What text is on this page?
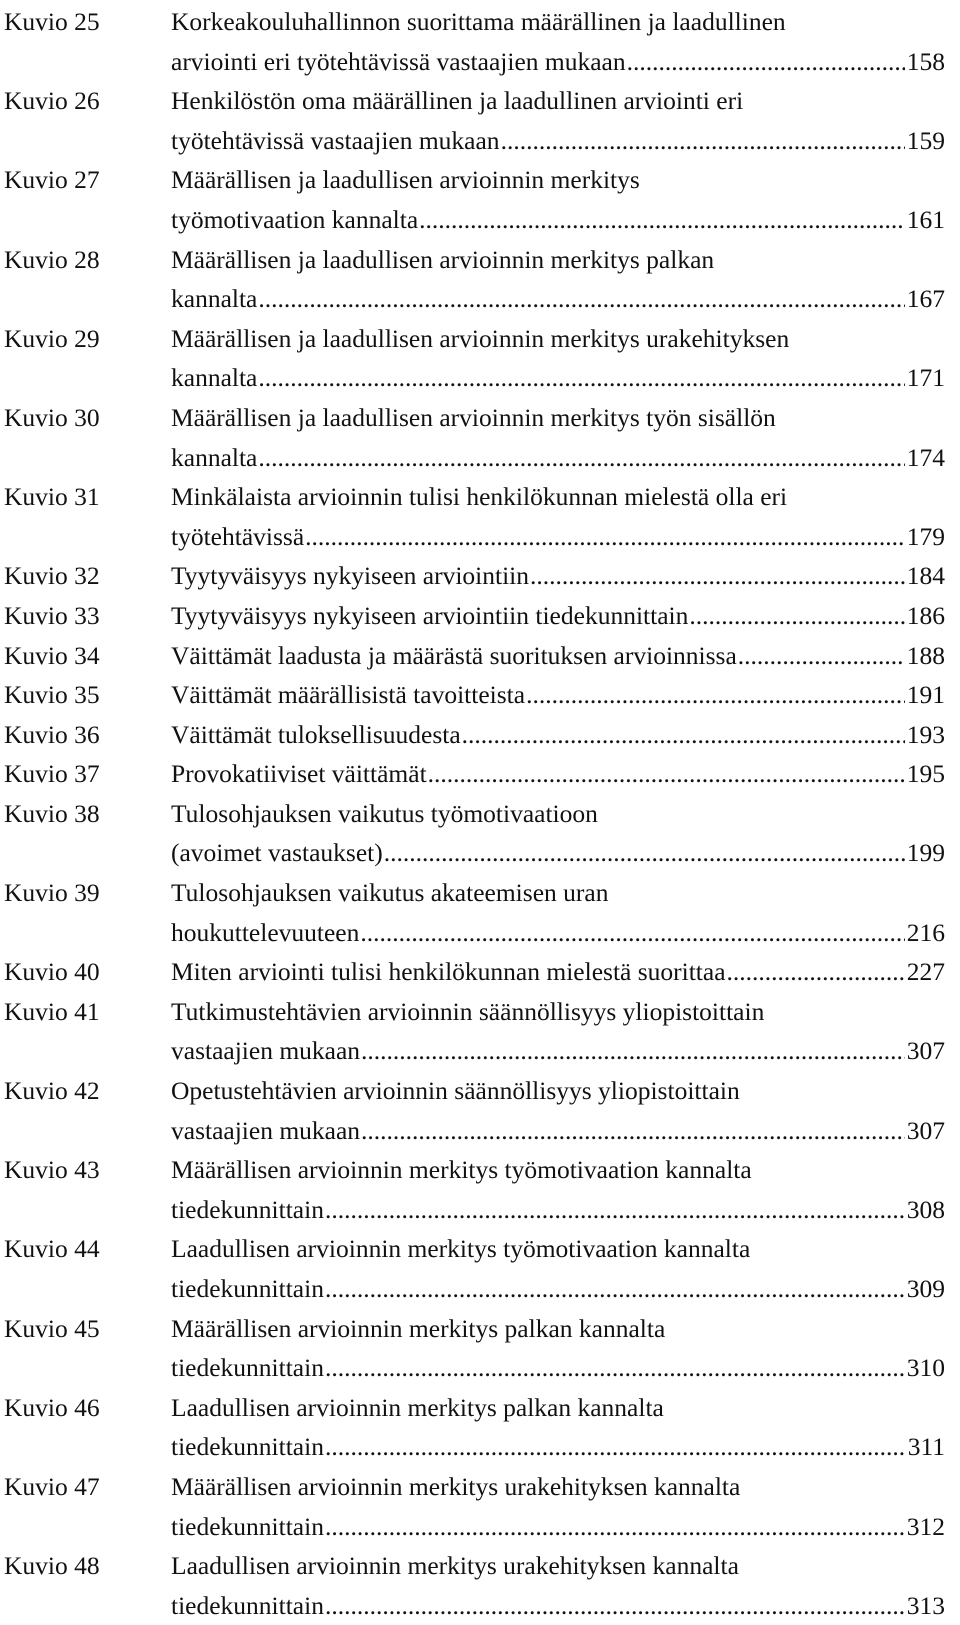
Kuvio 25	Korkeakouluhallinnon suorittama määrällinen ja laadullinen
arviointi eri työtehtävissä vastaajien mukaan .....	158
Kuvio 26	Henkilöstön oma määrällinen ja laadullinen arviointi eri
työtehtävissä vastaajien mukaan .....	159
Kuvio 27	Määrällisen ja laadullisen arvioinnin merkitys
työmotivaation kannalta .....	161
Kuvio 28	Määrällisen ja laadullisen arvioinnin merkitys palkan
kannalta .....	167
Kuvio 29	Määrällisen ja laadullisen arvioinnin merkitys urakehityksen
kannalta .....	171
Kuvio 30	Määrällisen ja laadullisen arvioinnin merkitys työn sisällön
kannalta .....	174
Kuvio 31	Minkälaista arvioinnin tulisi henkilökunnan mielestä olla eri
työtehtävissä .....	179
Kuvio 32	Tyytyväisyys nykyiseen arviointiin .....	184
Kuvio 33	Tyytyväisyys nykyiseen arviointiin tiedekunnittain .....	186
Kuvio 34	Väittämät laadusta ja määrästä suorituksen arvioinnissa .....	188
Kuvio 35	Väittämät määrällisistä tavoitteista .....	191
Kuvio 36	Väittämät tuloksellisuudesta .....	193
Kuvio 37	Provokatiiviset väittämät .....	195
Kuvio 38	Tulosohjauksen vaikutus työmotivaatioon
(avoimet vastaukset) .....	199
Kuvio 39	Tulosohjauksen vaikutus akateemisen uran
houkuttelevuuteen .....	216
Kuvio 40	Miten arviointi tulisi henkilökunnan mielestä suorittaa .....	227
Kuvio 41	Tutkimustehtävien arvioinnin säännöllisyys yliopistoittain
vastaajien mukaan .....	307
Kuvio 42	Opetustehtävien arvioinnin säännöllisyys yliopistoittain
vastaajien mukaan .....	307
Kuvio 43	Määrällisen arvioinnin merkitys työmotivaation kannalta
tiedekunnittain .....	308
Kuvio 44	Laadullisen arvioinnin merkitys työmotivaation kannalta
tiedekunnittain .....	309
Kuvio 45	Määrällisen arvioinnin merkitys palkan kannalta
tiedekunnittain .....	310
Kuvio 46	Laadullisen arvioinnin merkitys palkan kannalta
tiedekunnittain .....	311
Kuvio 47	Määrällisen arvioinnin merkitys urakehityksen kannalta
tiedekunnittain .....	312
Kuvio 48	Laadullisen arvioinnin merkitys urakehityksen kannalta
tiedekunnittain .....	313
